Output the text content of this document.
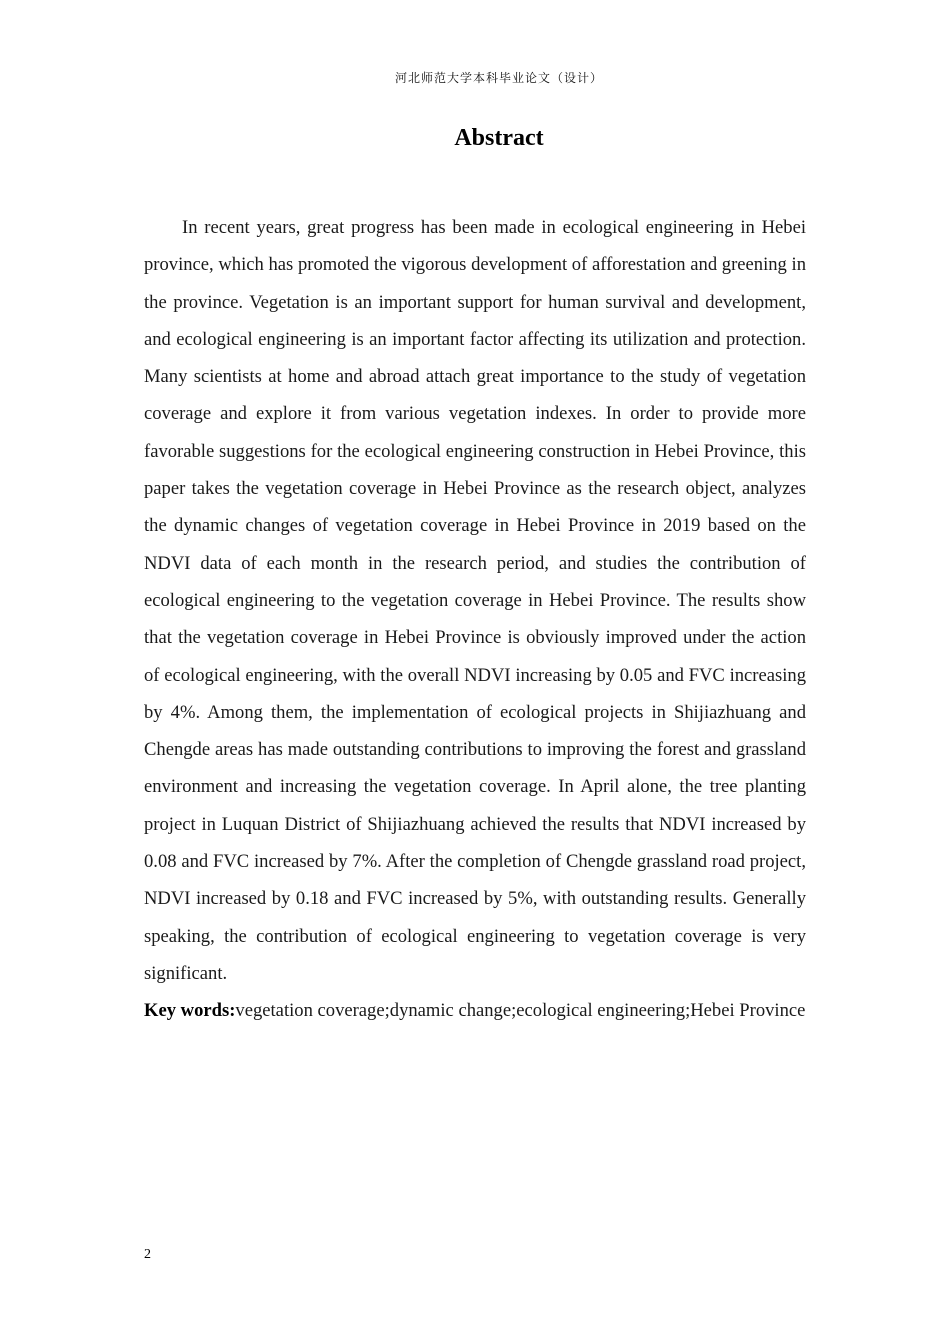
河北师范大学本科毕业论文（设计）
Abstract

In recent years, great progress has been made in ecological engineering in Hebei province, which has promoted the vigorous development of afforestation and greening in the province. Vegetation is an important support for human survival and development, and ecological engineering is an important factor affecting its utilization and protection. Many scientists at home and abroad attach great importance to the study of vegetation coverage and explore it from various vegetation indexes. In order to provide more favorable suggestions for the ecological engineering construction in Hebei Province, this paper takes the vegetation coverage in Hebei Province as the research object, analyzes the dynamic changes of vegetation coverage in Hebei Province in 2019 based on the NDVI data of each month in the research period, and studies the contribution of ecological engineering to the vegetation coverage in Hebei Province. The results show that the vegetation coverage in Hebei Province is obviously improved under the action of ecological engineering, with the overall NDVI increasing by 0.05 and FVC increasing by 4%. Among them, the implementation of ecological projects in Shijiazhuang and Chengde areas has made outstanding contributions to improving the forest and grassland environment and increasing the vegetation coverage. In April alone, the tree planting project in Luquan District of Shijiazhuang achieved the results that NDVI increased by 0.08 and FVC increased by 7%. After the completion of Chengde grassland road project, NDVI increased by 0.18 and FVC increased by 5%, with outstanding results. Generally speaking, the contribution of ecological engineering to vegetation coverage is very significant.

Key words:vegetation coverage;dynamic change;ecological engineering;Hebei Province

2
